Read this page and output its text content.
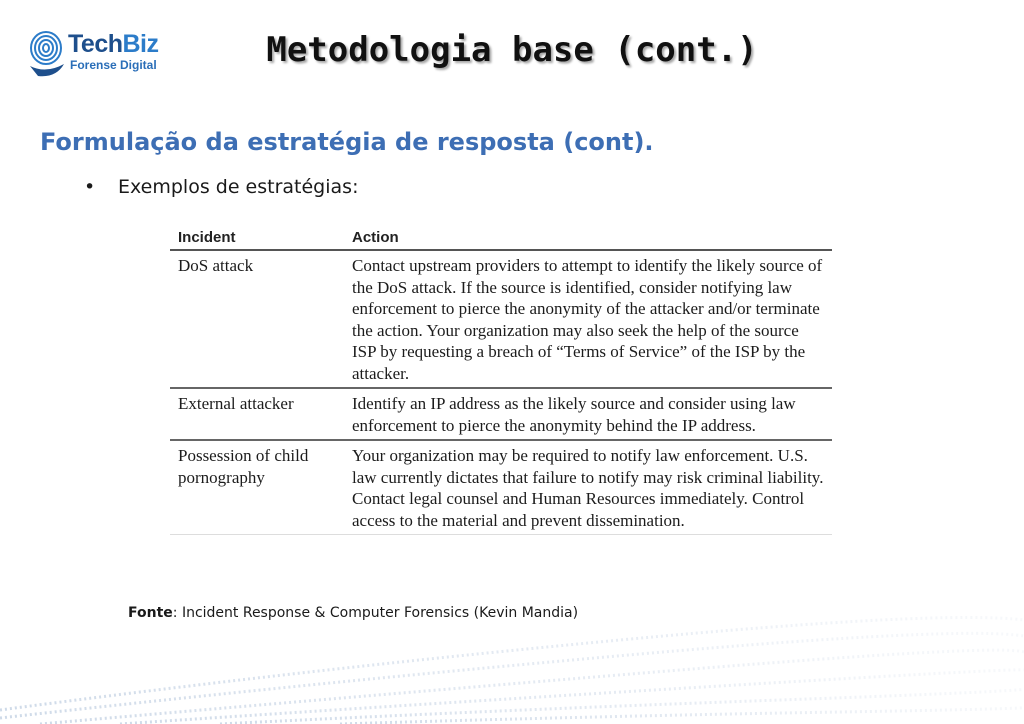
TechBiz
Forense Digital	Metodologia base (cont.)
Formulação da estratégia de resposta (cont).
• Exemplos de estratégias:
Incident	Action
DoS attack	Contact upstream providers to attempt to identify the likely source of the DoS attack. If the source is identified, consider notifying law enforcement to pierce the anonymity of the attacker and/or terminate the action. Your organization may also seek the help of the source ISP by requesting a breach of “Terms of Service” of the ISP by the attacker.
External attacker	Identify an IP address as the likely source and consider using law enforcement to pierce the anonymity behind the IP address.
Possession of child pornography	Your organization may be required to notify law enforcement. U.S. law currently dictates that failure to notify may risk criminal liability. Contact legal counsel and Human Resources immediately. Control access to the material and prevent dissemination.
Fonte: Incident Response & Computer Forensics (Kevin Mandia)
